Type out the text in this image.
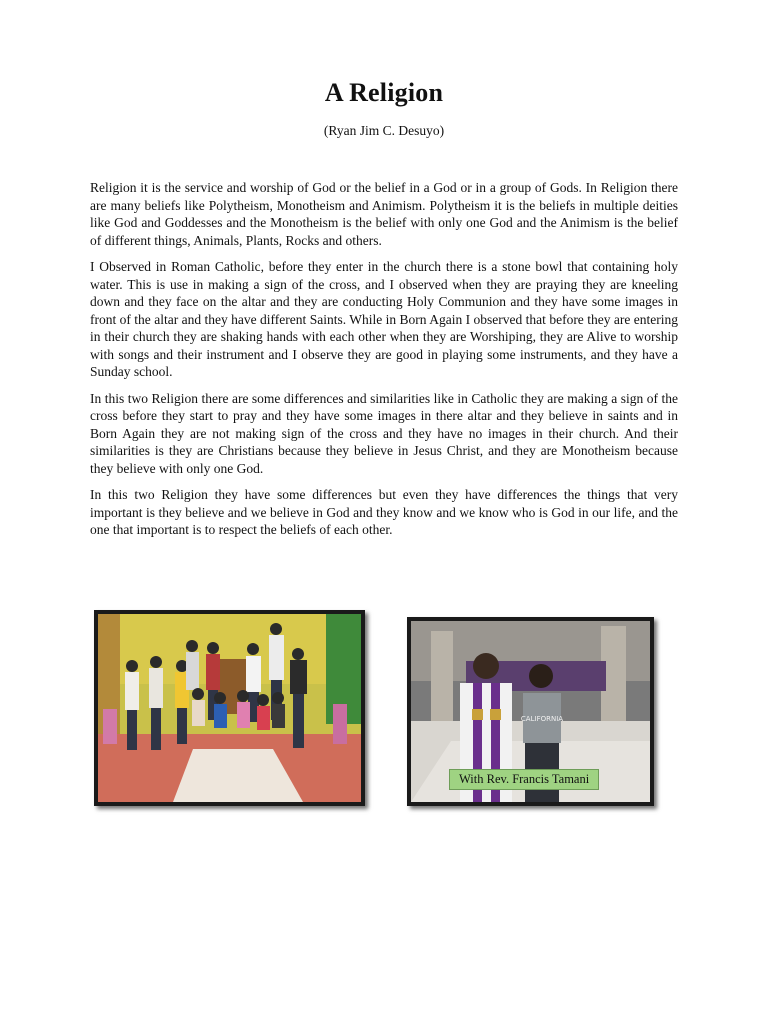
A Religion
(Ryan Jim C. Desuyo)

Religion it is the service and worship of God or the belief in a God or in a group of Gods. In Religion there are many beliefs like Polytheism, Monotheism and Animism. Polytheism it is the beliefs in multiple deities like God and Goddesses and the Monotheism is the belief with only one God and the Animism is the belief of different things, Animals, Plants, Rocks and others.

I Observed in Roman Catholic, before they enter in the church there is a stone bowl that containing holy water. This is use in making a sign of the cross, and I observed when they are praying they are kneeling down and they face on the altar and they are conducting Holy Communion and they have some images in front of the altar and they have different Saints. While in Born Again I observed that before they are entering in their church they are shaking hands with each other when they are Worshiping, they are Alive to worship with songs and their instrument and I observe they are good in playing some instruments, and they have a Sunday school.

In this two Religion there are some differences and similarities like in Catholic they are making a sign of the cross before they start to pray and they have some images in there altar and they believe in saints and in Born Again they are not making sign of the cross and they have no images in their church. And their similarities is they are Christians because they believe in Jesus Christ, and they are Monotheism because they believe with only one God.

In this two Religion they have some differences but even they have differences the things that very important is they believe and we believe in God and they know and we know who is God in our life, and the one that important is to respect the beliefs of each other.

CALIFORNIA
With Rev. Francis Tamani
